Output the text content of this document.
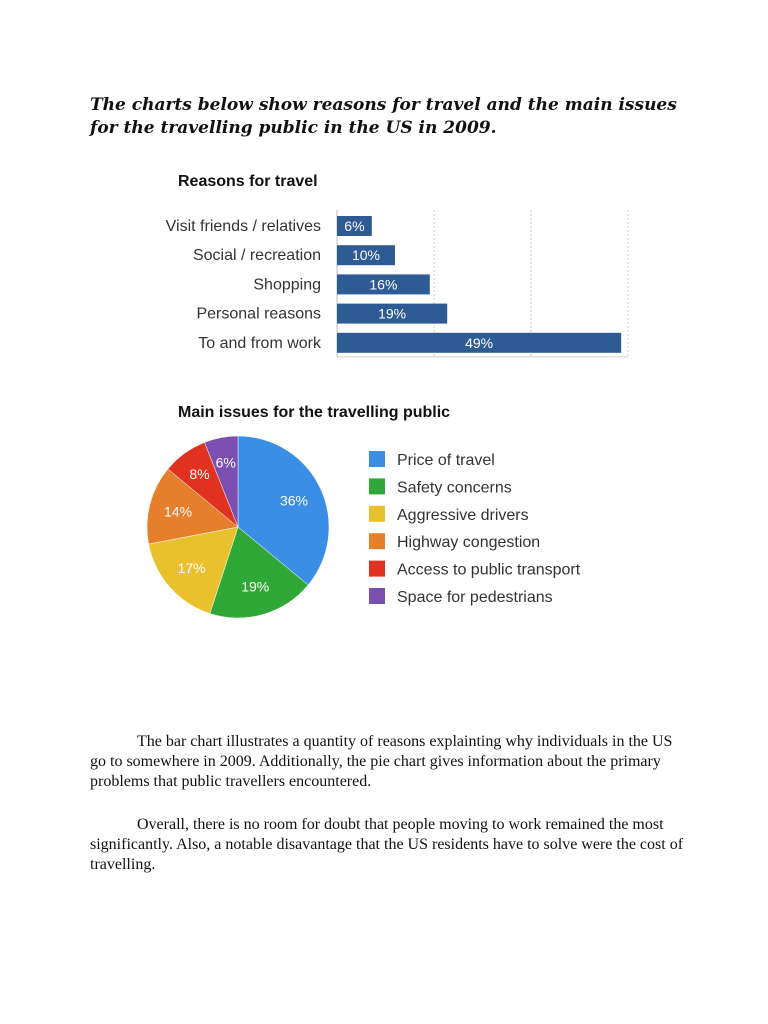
The charts below show reasons for travel and the main issues for the travelling public in the US in 2009.

Reasons for travel

Visit friends / relatives 6%
Social / recreation 10%
Shopping	16%
Personal reasons	19%
To and from work	49%

Main issues for the travelling public

36%
19%
17%
14%
8%
6%	Price of travel
Safety concerns
Aggressive drivers
Highway congestion
Access to public transport
Space for pedestrians

The bar chart illustrates a quantity of reasons explainting why individuals in the US go to somewhere in 2009. Additionally, the pie chart gives information about the primary problems that public travellers encountered.

Overall, there is no room for doubt that people moving to work remained the most significantly. Also, a notable disavantage that the US residents have to solve were the cost of travelling.
